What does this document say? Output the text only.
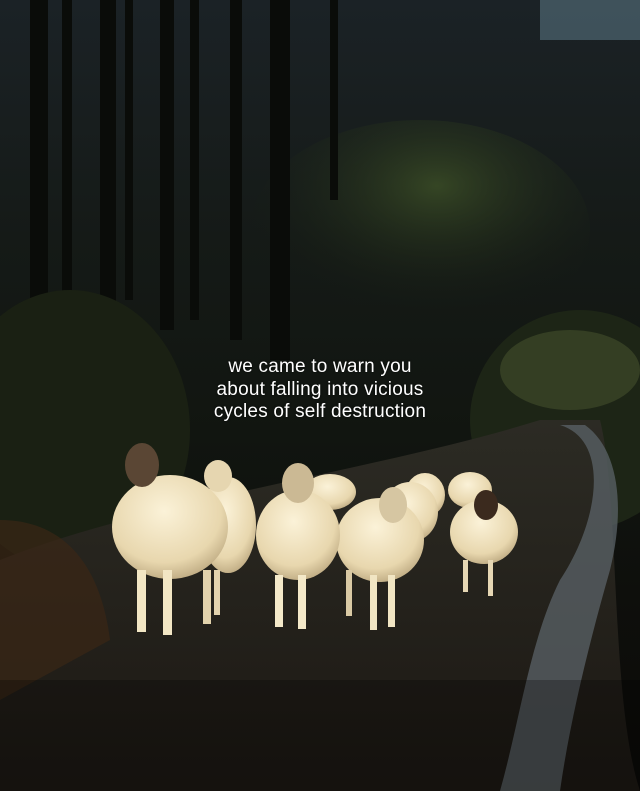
we came to warn you
about falling into vicious
cycles of self destruction
